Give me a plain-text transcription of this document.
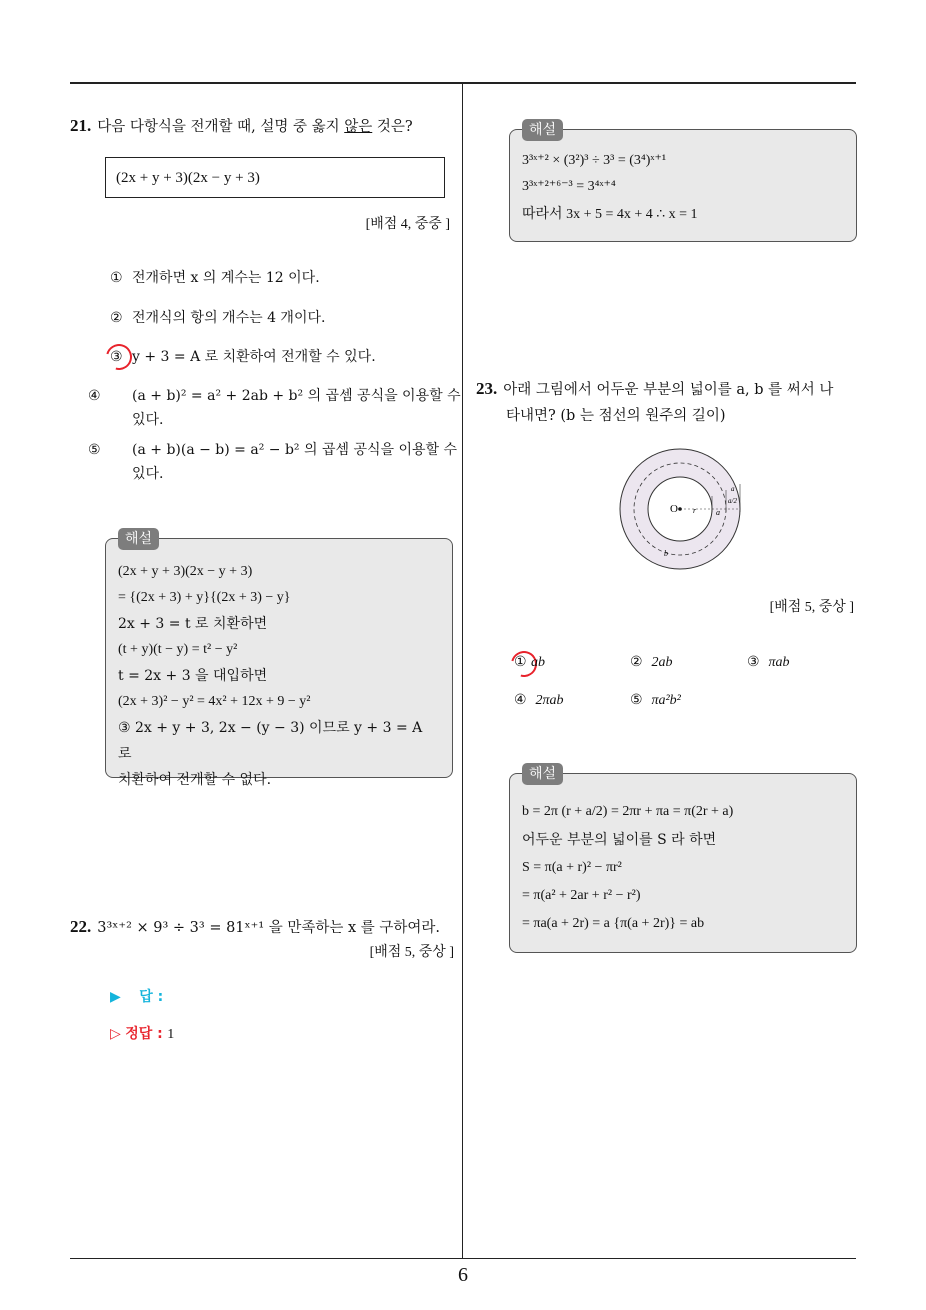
6
21. 다음 다항식을 전개할 때, 설명 중 옳지 않은 것은?
(2x + y + 3)(2x − y + 3)
[배점 4, 중중 ]
① 전개하면 x 의 계수는 12 이다.
② 전개식의 항의 개수는 4 개이다.
③ y + 3 = A 로 치환하여 전개할 수 있다.
④ (a + b)² = a² + 2ab + b² 의 곱셈 공식을 이용할 수 있다.
⑤ (a + b)(a − b) = a² − b² 의 곱셈 공식을 이용할 수 있다.
해설
(2x + y + 3)(2x − y + 3)
= {(2x + 3) + y}{(2x + 3) − y}
2x + 3 = t 로 치환하면
(t + y)(t − y) = t² − y²
t = 2x + 3 을 대입하면
(2x + 3)² − y² = 4x² + 12x + 9 − y²
③ 2x + y + 3, 2x − (y − 3) 이므로 y + 3 = A 로
치환하여 전개할 수 없다.
22. 3³ˣ⁺² × 9³ ÷ 3³ = 81ˣ⁺¹ 을 만족하는 x 를 구하여라.
[배점 5, 중상 ]
▶ 답 :
▷ 정답 : 1
해설
3³ˣ⁺² × (3²)³ ÷ 3³ = (3⁴)ˣ⁺¹
3³ˣ⁺²⁺⁶⁻³ = 3⁴ˣ⁺⁴
따라서 3x + 5 = 4x + 4 ∴ x = 1
23. 아래 그림에서 어두운 부분의 넓이를 a, b 를 써서 나
타내면? (b 는 점선의 원주의 길이)
O r a
a
a/2
b
[배점 5, 중상 ]
① ab	② 2ab	③ πab
④ 2πab	⑤ πa²b²
해설
b = 2π (r + a/2) = 2πr + πa = π(2r + a)
어두운 부분의 넓이를 S 라 하면
S = π(a + r)² − πr²
= π(a² + 2ar + r² − r²)
= πa(a + 2r) = a {π(a + 2r)} = ab
